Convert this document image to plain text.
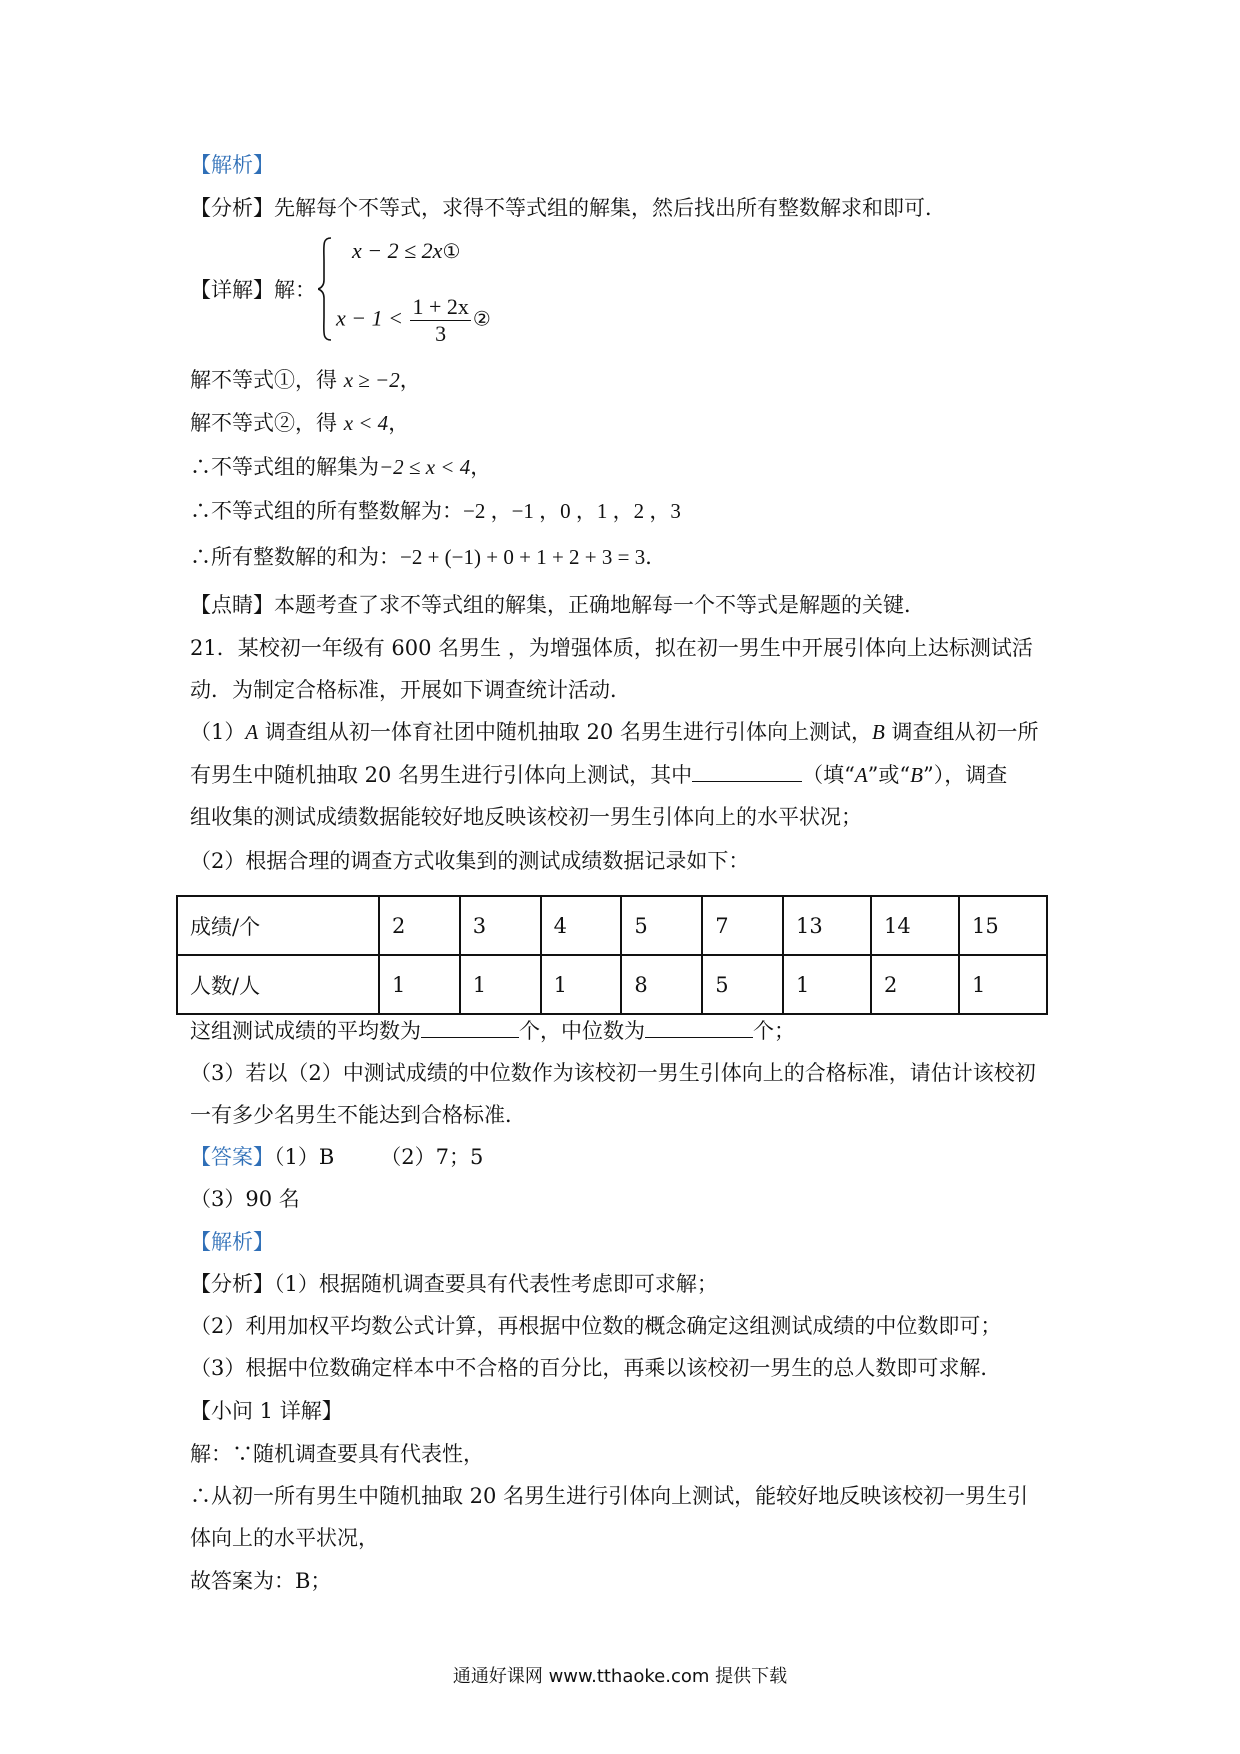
【解析】
【分析】先解每个不等式，求得不等式组的解集，然后找出所有整数解求和即可．
【详解】解：
x − 2 ≤ 2x①
$x - 1 < \frac{1 + 2x}{3}$ ②
解不等式①，得 x ≥ −2，
解不等式②，得 x < 4，
∴不等式组的解集为−2 ≤ x < 4，
∴不等式组的所有整数解为：−2 ，−1 ，0 ，1 ，2 ，3
∴所有整数解的和为：−2 + (−1) + 0 + 1 + 2 + 3 = 3．
【点睛】本题考查了求不等式组的解集，正确地解每一个不等式是解题的关键．
21．某校初一年级有 600 名男生 ，为增强体质，拟在初一男生中开展引体向上达标测试活
动．为制定合格标准，开展如下调查统计活动．
（1）A 调查组从初一体育社团中随机抽取 20 名男生进行引体向上测试，B 调查组从初一所
有男生中随机抽取 20 名男生进行引体向上测试，其中	（填“A”或“B”），调查
组收集的测试成绩数据能较好地反映该校初一男生引体向上的水平状况；
（2）根据合理的调查方式收集到的测试成绩数据记录如下：
成绩/个	2	3	4	5	7	13	14	15
人数/人	1	1	1	8	5	1	2	1
这组测试成绩的平均数为	个，中位数为	个；
（3）若以（2）中测试成绩的中位数作为该校初一男生引体向上的合格标准，请估计该校初
一有多少名男生不能达到合格标准．
【答案】（1）B （2）7；5
（3）90 名
【解析】
【分析】（1）根据随机调查要具有代表性考虑即可求解；
（2）利用加权平均数公式计算，再根据中位数的概念确定这组测试成绩的中位数即可；
（3）根据中位数确定样本中不合格的百分比，再乘以该校初一男生的总人数即可求解．
【小问 1 详解】
解：∵随机调查要具有代表性，
∴从初一所有男生中随机抽取 20 名男生进行引体向上测试，能较好地反映该校初一男生引
体向上的水平状况，
故答案为：B；
通通好课网 www.tthaoke.com 提供下载
